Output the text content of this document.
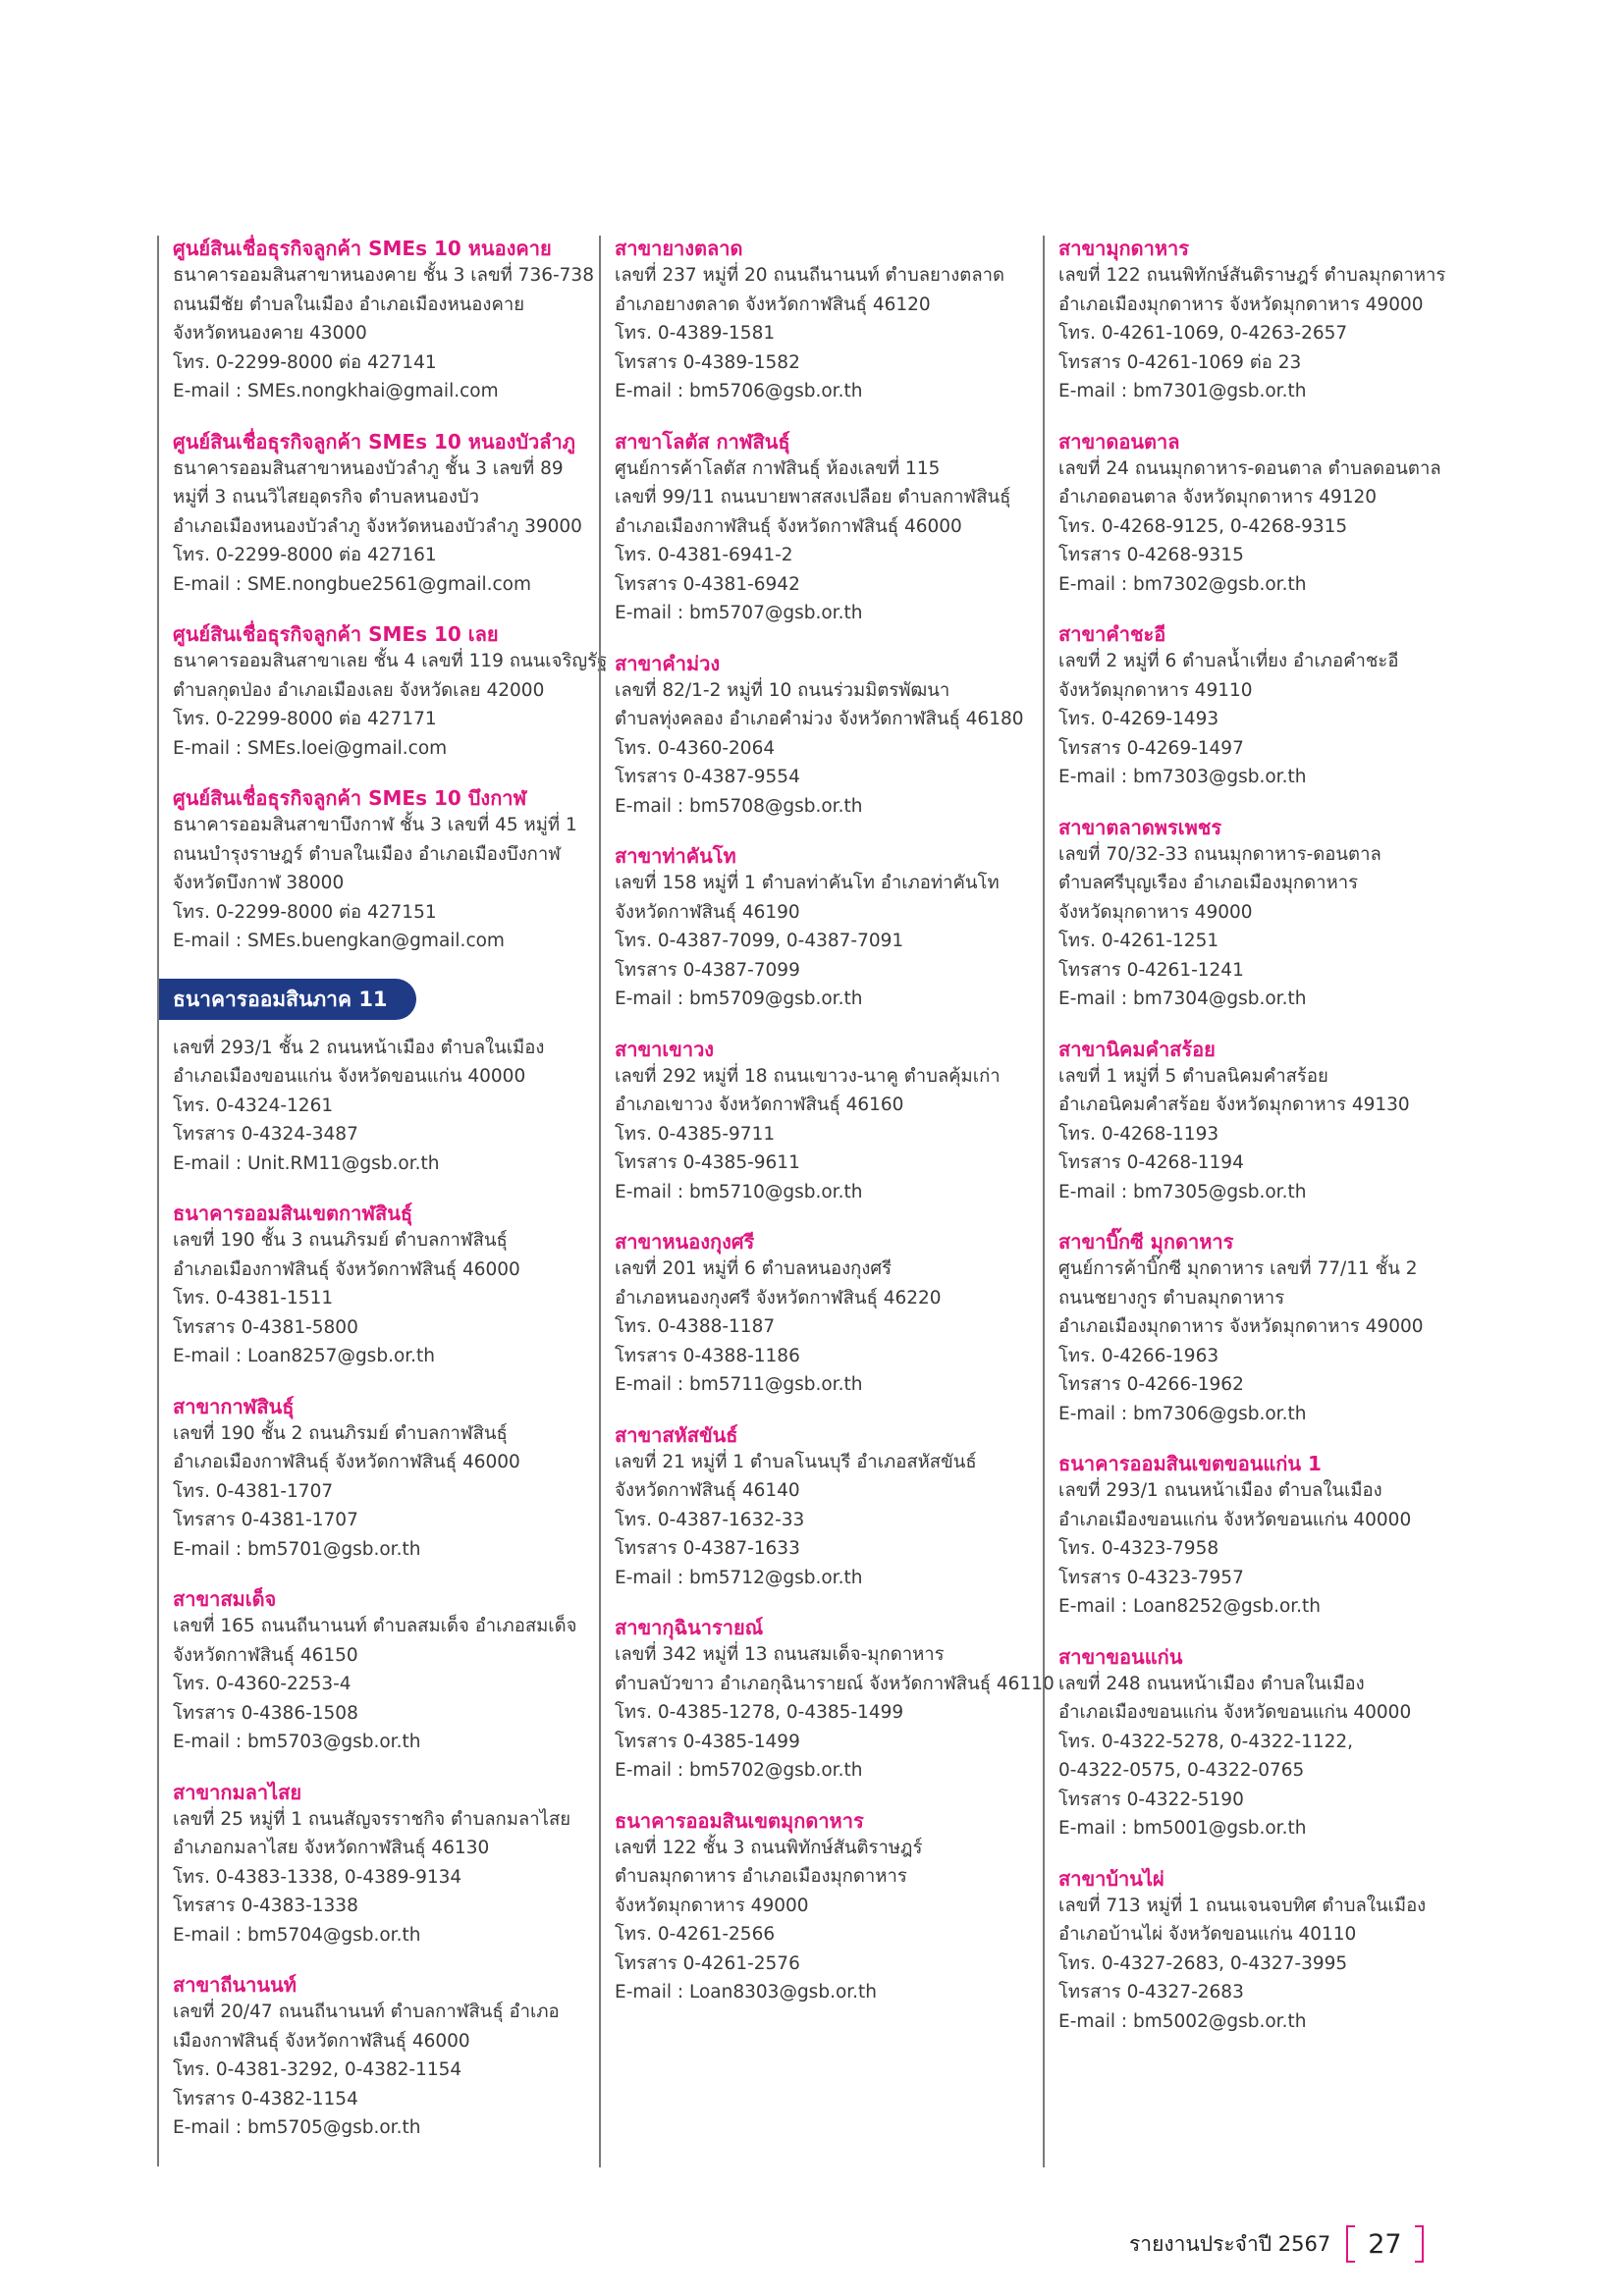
ศูนย์สินเชื่อธุรกิจลูกค้า SMEs 10 หนองคาย
ธนาคารออมสินสาขาหนองคาย ชั้น 3 เลขที่ 736-738
ถนนมีชัย ตำบลในเมือง อำเภอเมืองหนองคาย
จังหวัดหนองคาย 43000
โทร. 0-2299-8000 ต่อ 427141
E-mail : SMEs.nongkhai@gmail.com
ศูนย์สินเชื่อธุรกิจลูกค้า SMEs 10 หนองบัวลำภู
ธนาคารออมสินสาขาหนองบัวลำภู ชั้น 3 เลขที่ 89
หมู่ที่ 3 ถนนวิไสยอุดรกิจ ตำบลหนองบัว
อำเภอเมืองหนองบัวลำภู จังหวัดหนองบัวลำภู 39000
โทร. 0-2299-8000 ต่อ 427161
E-mail : SME.nongbue2561@gmail.com
ศูนย์สินเชื่อธุรกิจลูกค้า SMEs 10 เลย
ธนาคารออมสินสาขาเลย ชั้น 4 เลขที่ 119 ถนนเจริญรัฐ
ตำบลกุดป่อง อำเภอเมืองเลย จังหวัดเลย 42000
โทร. 0-2299-8000 ต่อ 427171
E-mail : SMEs.loei@gmail.com
ศูนย์สินเชื่อธุรกิจลูกค้า SMEs 10 บึงกาฬ
ธนาคารออมสินสาขาบึงกาฬ ชั้น 3 เลขที่ 45 หมู่ที่ 1
ถนนบำรุงราษฎร์ ตำบลในเมือง อำเภอเมืองบึงกาฬ
จังหวัดบึงกาฬ 38000
โทร. 0-2299-8000 ต่อ 427151
E-mail : SMEs.buengkan@gmail.com
ธนาคารออมสินภาค 11
เลขที่ 293/1 ชั้น 2 ถนนหน้าเมือง ตำบลในเมือง
อำเภอเมืองขอนแก่น จังหวัดขอนแก่น 40000
โทร. 0-4324-1261
โทรสาร 0-4324-3487
E-mail : Unit.RM11@gsb.or.th
ธนาคารออมสินเขตกาฬสินธุ์
เลขที่ 190 ชั้น 3 ถนนภิรมย์ ตำบลกาฬสินธุ์
อำเภอเมืองกาฬสินธุ์ จังหวัดกาฬสินธุ์ 46000
โทร. 0-4381-1511
โทรสาร 0-4381-5800
E-mail : Loan8257@gsb.or.th
สาขากาฬสินธุ์
เลขที่ 190 ชั้น 2 ถนนภิรมย์ ตำบลกาฬสินธุ์
อำเภอเมืองกาฬสินธุ์ จังหวัดกาฬสินธุ์ 46000
โทร. 0-4381-1707
โทรสาร 0-4381-1707
E-mail : bm5701@gsb.or.th
สาขาสมเด็จ
เลขที่ 165 ถนนถีนานนท์ ตำบลสมเด็จ อำเภอสมเด็จ
จังหวัดกาฬสินธุ์ 46150
โทร. 0-4360-2253-4
โทรสาร 0-4386-1508
E-mail : bm5703@gsb.or.th
สาขากมลาไสย
เลขที่ 25 หมู่ที่ 1 ถนนสัญจรราชกิจ ตำบลกมลาไสย
อำเภอกมลาไสย จังหวัดกาฬสินธุ์ 46130
โทร. 0-4383-1338, 0-4389-9134
โทรสาร 0-4383-1338
E-mail : bm5704@gsb.or.th
สาขาถีนานนท์
เลขที่ 20/47 ถนนถีนานนท์ ตำบลกาฬสินธุ์ อำเภอ
เมืองกาฬสินธุ์ จังหวัดกาฬสินธุ์ 46000
โทร. 0-4381-3292, 0-4382-1154
โทรสาร 0-4382-1154
E-mail : bm5705@gsb.or.th
สาขายางตลาด
เลขที่ 237 หมู่ที่ 20 ถนนถีนานนท์ ตำบลยางตลาด
อำเภอยางตลาด จังหวัดกาฬสินธุ์ 46120
โทร. 0-4389-1581
โทรสาร 0-4389-1582
E-mail : bm5706@gsb.or.th
สาขาโลตัส กาฬสินธุ์
ศูนย์การค้าโลตัส กาฬสินธุ์ ห้องเลขที่ 115
เลขที่ 99/11 ถนนบายพาสสงเปลือย ตำบลกาฬสินธุ์
อำเภอเมืองกาฬสินธุ์ จังหวัดกาฬสินธุ์ 46000
โทร. 0-4381-6941-2
โทรสาร 0-4381-6942
E-mail : bm5707@gsb.or.th
สาขาคำม่วง
เลขที่ 82/1-2 หมู่ที่ 10 ถนนร่วมมิตรพัฒนา
ตำบลทุ่งคลอง อำเภอคำม่วง จังหวัดกาฬสินธุ์ 46180
โทร. 0-4360-2064
โทรสาร 0-4387-9554
E-mail : bm5708@gsb.or.th
สาขาท่าคันโท
เลขที่ 158 หมู่ที่ 1 ตำบลท่าคันโท อำเภอท่าคันโท
จังหวัดกาฬสินธุ์ 46190
โทร. 0-4387-7099, 0-4387-7091
โทรสาร 0-4387-7099
E-mail : bm5709@gsb.or.th
สาขาเขาวง
เลขที่ 292 หมู่ที่ 18 ถนนเขาวง-นาคู ตำบลคุ้มเก่า
อำเภอเขาวง จังหวัดกาฬสินธุ์ 46160
โทร. 0-4385-9711
โทรสาร 0-4385-9611
E-mail : bm5710@gsb.or.th
สาขาหนองกุงศรี
เลขที่ 201 หมู่ที่ 6 ตำบลหนองกุงศรี
อำเภอหนองกุงศรี จังหวัดกาฬสินธุ์ 46220
โทร. 0-4388-1187
โทรสาร 0-4388-1186
E-mail : bm5711@gsb.or.th
สาขาสหัสขันธ์
เลขที่ 21 หมู่ที่ 1 ตำบลโนนบุรี อำเภอสหัสขันธ์
จังหวัดกาฬสินธุ์ 46140
โทร. 0-4387-1632-33
โทรสาร 0-4387-1633
E-mail : bm5712@gsb.or.th
สาขากุฉินารายณ์
เลขที่ 342 หมู่ที่ 13 ถนนสมเด็จ-มุกดาหาร
ตำบลบัวขาว อำเภอกุฉินารายณ์ จังหวัดกาฬสินธุ์ 46110
โทร. 0-4385-1278, 0-4385-1499
โทรสาร 0-4385-1499
E-mail : bm5702@gsb.or.th
ธนาคารออมสินเขตมุกดาหาร
เลขที่ 122 ชั้น 3 ถนนพิทักษ์สันติราษฎร์
ตำบลมุกดาหาร อำเภอเมืองมุกดาหาร
จังหวัดมุกดาหาร 49000
โทร. 0-4261-2566
โทรสาร 0-4261-2576
E-mail : Loan8303@gsb.or.th
สาขามุกดาหาร
เลขที่ 122 ถนนพิทักษ์สันติราษฎร์ ตำบลมุกดาหาร
อำเภอเมืองมุกดาหาร จังหวัดมุกดาหาร 49000
โทร. 0-4261-1069, 0-4263-2657
โทรสาร 0-4261-1069 ต่อ 23
E-mail : bm7301@gsb.or.th
สาขาดอนตาล
เลขที่ 24 ถนนมุกดาหาร-ดอนตาล ตำบลดอนตาล
อำเภอดอนตาล จังหวัดมุกดาหาร 49120
โทร. 0-4268-9125, 0-4268-9315
โทรสาร 0-4268-9315
E-mail : bm7302@gsb.or.th
สาขาคำชะอี
เลขที่ 2 หมู่ที่ 6 ตำบลน้ำเที่ยง อำเภอคำชะอี
จังหวัดมุกดาหาร 49110
โทร. 0-4269-1493
โทรสาร 0-4269-1497
E-mail : bm7303@gsb.or.th
สาขาตลาดพรเพชร
เลขที่ 70/32-33 ถนนมุกดาหาร-ดอนตาล
ตำบลศรีบุญเรือง อำเภอเมืองมุกดาหาร
จังหวัดมุกดาหาร 49000
โทร. 0-4261-1251
โทรสาร 0-4261-1241
E-mail : bm7304@gsb.or.th
สาขานิคมคำสร้อย
เลขที่ 1 หมู่ที่ 5 ตำบลนิคมคำสร้อย
อำเภอนิคมคำสร้อย จังหวัดมุกดาหาร 49130
โทร. 0-4268-1193
โทรสาร 0-4268-1194
E-mail : bm7305@gsb.or.th
สาขาบิ๊กซี มุกดาหาร
ศูนย์การค้าบิ๊กซี มุกดาหาร เลขที่ 77/11 ชั้น 2
ถนนชยางกูร ตำบลมุกดาหาร
อำเภอเมืองมุกดาหาร จังหวัดมุกดาหาร 49000
โทร. 0-4266-1963
โทรสาร 0-4266-1962
E-mail : bm7306@gsb.or.th
ธนาคารออมสินเขตขอนแก่น 1
เลขที่ 293/1 ถนนหน้าเมือง ตำบลในเมือง
อำเภอเมืองขอนแก่น จังหวัดขอนแก่น 40000
โทร. 0-4323-7958
โทรสาร 0-4323-7957
E-mail : Loan8252@gsb.or.th
สาขาขอนแก่น
เลขที่ 248 ถนนหน้าเมือง ตำบลในเมือง
อำเภอเมืองขอนแก่น จังหวัดขอนแก่น 40000
โทร. 0-4322-5278, 0-4322-1122,
0-4322-0575, 0-4322-0765
โทรสาร 0-4322-5190
E-mail : bm5001@gsb.or.th
สาขาบ้านไผ่
เลขที่ 713 หมู่ที่ 1 ถนนเจนจบทิศ ตำบลในเมือง
อำเภอบ้านไผ่ จังหวัดขอนแก่น 40110
โทร. 0-4327-2683, 0-4327-3995
โทรสาร 0-4327-2683
E-mail : bm5002@gsb.or.th
รายงานประจำปี 2567	27
